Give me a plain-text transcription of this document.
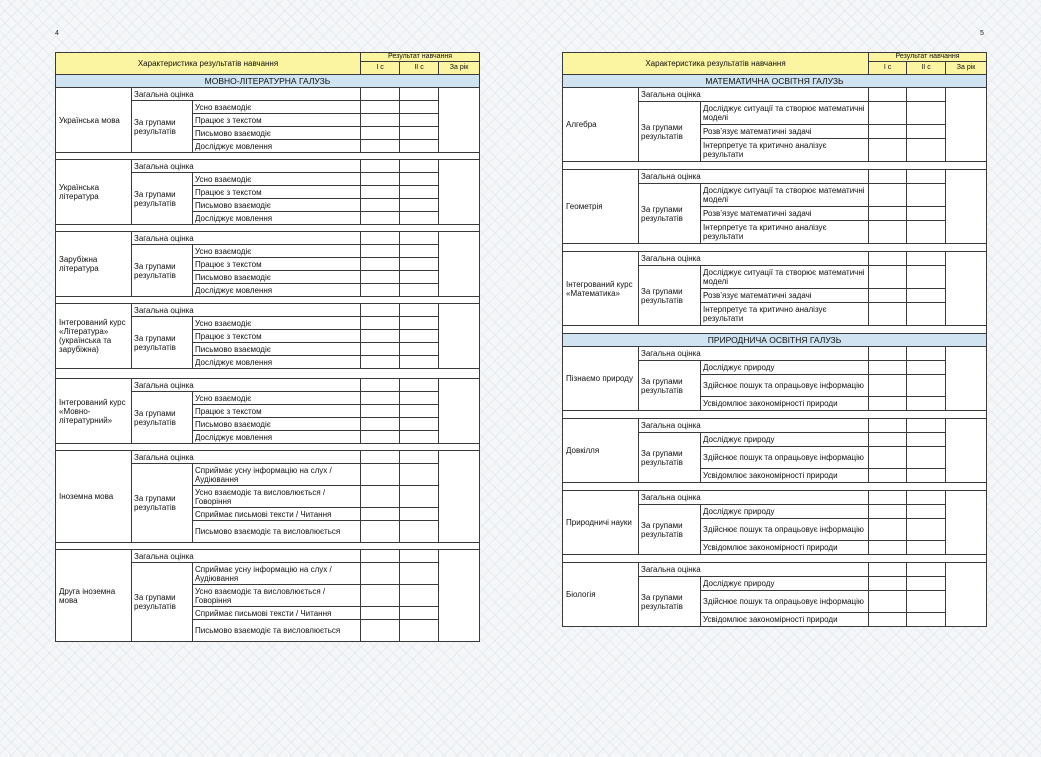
4	5
Характеристика результатів навчання			Результат навчання		
			І с	ІІ с	За рік
МОВНО-ЛІТЕРАТУРНА ГАЛУЗЬ					
Українська мова	Загальна оцінка				
	За групами результатів	Усно взаємодіє			
		Працює з текстом			
		Письмово взаємодіє			
		Досліджує мовлення			

Українська література	Загальна оцінка				
	За групами результатів	Усно взаємодіє			
		Працює з текстом			
		Письмово взаємодіє			
		Досліджує мовлення			

Зарубіжна література	Загальна оцінка				
	За групами результатів	Усно взаємодіє			
		Працює з текстом			
		Письмово взаємодіє			
		Досліджує мовлення			

Інтегрований курс «Література» (українська та зарубіжна)	Загальна оцінка				
	За групами результатів	Усно взаємодіє			
		Працює з текстом			
		Письмово взаємодіє			
		Досліджує мовлення			

Інтегрований курс «Мовно-літературний»	Загальна оцінка				
	За групами результатів	Усно взаємодіє			
		Працює з текстом			
		Письмово взаємодіє			
		Досліджує мовлення			

Іноземна мова	Загальна оцінка				
	За групами результатів	Сприймає усну інформацію на слух / Аудіювання			
		Усно взаємодіє та висловлюється / Говоріння			
		Сприймає письмові тексти / Читання			
		Письмово взаємодіє та висловлюється			

Друга іноземна мова	Загальна оцінка				
	За групами результатів	Сприймає усну інформацію на слух / Аудіювання			
		Усно взаємодіє та висловлюється / Говоріння			
		Сприймає письмові тексти / Читання			
		Письмово взаємодіє та висловлюється			
Характеристика результатів навчання			Результат навчання		
			І с	ІІ с	За рік
МАТЕМАТИЧНА ОСВІТНЯ ГАЛУЗЬ					
Алгебра	Загальна оцінка				
	За групами результатів	Досліджує ситуації та створює математичні моделі			
		Розв’язує математичні задачі			
		Інтерпретує та критично аналізує результати			

Геометрія	Загальна оцінка				
	За групами результатів	Досліджує ситуації та створює математичні моделі			
		Розв’язує математичні задачі			
		Інтерпретує та критично аналізує результати			

Інтегрований курс «Математика»	Загальна оцінка				
	За групами результатів	Досліджує ситуації та створює математичні моделі			
		Розв’язує математичні задачі			
		Інтерпретує та критично аналізує результати			

ПРИРОДНИЧА ОСВІТНЯ ГАЛУЗЬ					
Пізнаємо природу	Загальна оцінка				
	За групами результатів	Досліджує природу			
		Здійснює пошук та опрацьовує інформацію			
		Усвідомлює закономірності природи			

Довкілля	Загальна оцінка				
	За групами результатів	Досліджує природу			
		Здійснює пошук та опрацьовує інформацію			
		Усвідомлює закономірності природи			

Природничі науки	Загальна оцінка				
	За групами результатів	Досліджує природу			
		Здійснює пошук та опрацьовує інформацію			
		Усвідомлює закономірності природи			

Біологія	Загальна оцінка				
	За групами результатів	Досліджує природу			
		Здійснює пошук та опрацьовує інформацію			
		Усвідомлює закономірності природи			
